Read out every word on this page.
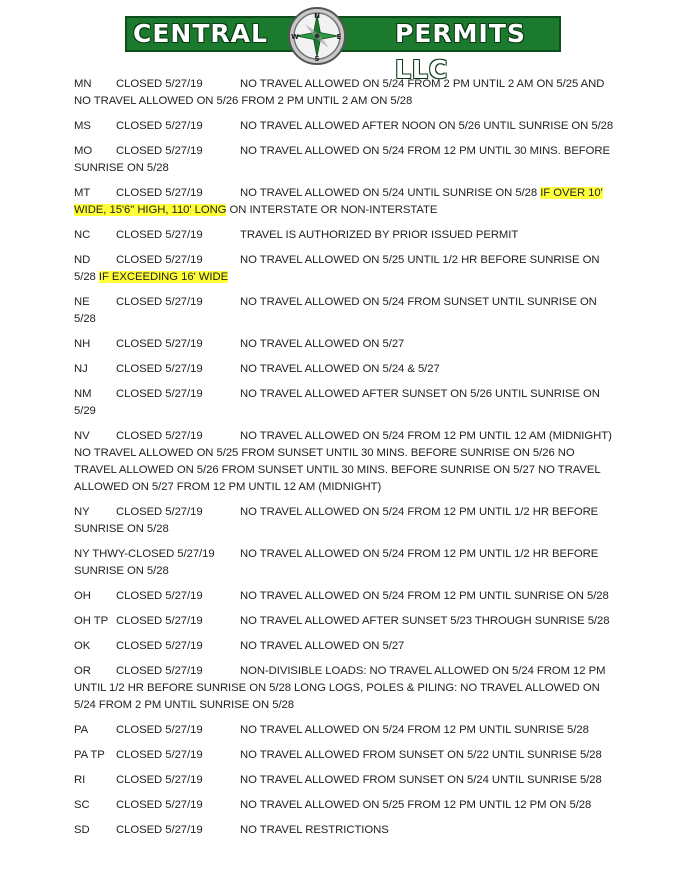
CENTRAL	PERMITS LLC
N
S
E
W
MN CLOSED 5/27/19	NO TRAVEL ALLOWED ON 5/24 FROM 2 PM UNTIL 2 AM ON 5/25 AND NO TRAVEL ALLOWED ON 5/26 FROM 2 PM UNTIL 2 AM ON 5/28
MS CLOSED 5/27/19	NO TRAVEL ALLOWED AFTER NOON ON 5/26 UNTIL SUNRISE ON 5/28
MO CLOSED 5/27/19	NO TRAVEL ALLOWED ON 5/24 FROM 12 PM UNTIL 30 MINS. BEFORE SUNRISE ON 5/28
MT CLOSED 5/27/19	NO TRAVEL ALLOWED ON 5/24 UNTIL SUNRISE ON 5/28 IF OVER 10' WIDE, 15'6" HIGH, 110' LONG ON INTERSTATE OR NON-INTERSTATE
NC CLOSED 5/27/19	TRAVEL IS AUTHORIZED BY PRIOR ISSUED PERMIT
ND CLOSED 5/27/19	NO TRAVEL ALLOWED ON 5/25 UNTIL 1/2 HR BEFORE SUNRISE ON 5/28 IF EXCEEDING 16' WIDE
NE CLOSED 5/27/19	NO TRAVEL ALLOWED ON 5/24 FROM SUNSET UNTIL SUNRISE ON 5/28
NH CLOSED 5/27/19	NO TRAVEL ALLOWED ON 5/27
NJ	CLOSED 5/27/19	NO TRAVEL ALLOWED ON 5/24 & 5/27
NM CLOSED 5/27/19	NO TRAVEL ALLOWED AFTER SUNSET ON 5/26 UNTIL SUNRISE ON 5/29
NV CLOSED 5/27/19	NO TRAVEL ALLOWED ON 5/24 FROM 12 PM UNTIL 12 AM (MIDNIGHT) NO TRAVEL ALLOWED ON 5/25 FROM SUNSET UNTIL 30 MINS. BEFORE SUNRISE ON 5/26 NO TRAVEL ALLOWED ON 5/26 FROM SUNSET UNTIL 30 MINS. BEFORE SUNRISE ON 5/27 NO TRAVEL ALLOWED ON 5/27 FROM 12 PM UNTIL 12 AM (MIDNIGHT)
NY CLOSED 5/27/19	NO TRAVEL ALLOWED ON 5/24 FROM 12 PM UNTIL 1/2 HR BEFORE SUNRISE ON 5/28
NY THWY-CLOSED 5/27/19 NO TRAVEL ALLOWED ON 5/24 FROM 12 PM UNTIL 1/2 HR BEFORE SUNRISE ON 5/28
OH CLOSED 5/27/19	NO TRAVEL ALLOWED ON 5/24 FROM 12 PM UNTIL SUNRISE ON 5/28
OH TP CLOSED 5/27/19	NO TRAVEL ALLOWED AFTER SUNSET 5/23 THROUGH SUNRISE 5/28
OK CLOSED 5/27/19	NO TRAVEL ALLOWED ON 5/27
OR CLOSED 5/27/19	NON-DIVISIBLE LOADS: NO TRAVEL ALLOWED ON 5/24 FROM 12 PM UNTIL 1/2 HR BEFORE SUNRISE ON 5/28 LONG LOGS, POLES & PILING: NO TRAVEL ALLOWED ON 5/24 FROM 2 PM UNTIL SUNRISE ON 5/28
PA CLOSED 5/27/19	NO TRAVEL ALLOWED ON 5/24 FROM 12 PM UNTIL SUNRISE 5/28
PA TP CLOSED 5/27/19	NO TRAVEL ALLOWED FROM SUNSET ON 5/22 UNTIL SUNRISE 5/28
RI	CLOSED 5/27/19	NO TRAVEL ALLOWED FROM SUNSET ON 5/24 UNTIL SUNRISE 5/28
SC CLOSED 5/27/19	NO TRAVEL ALLOWED ON 5/25 FROM 12 PM UNTIL 12 PM ON 5/28
SD CLOSED 5/27/19	NO TRAVEL RESTRICTIONS
